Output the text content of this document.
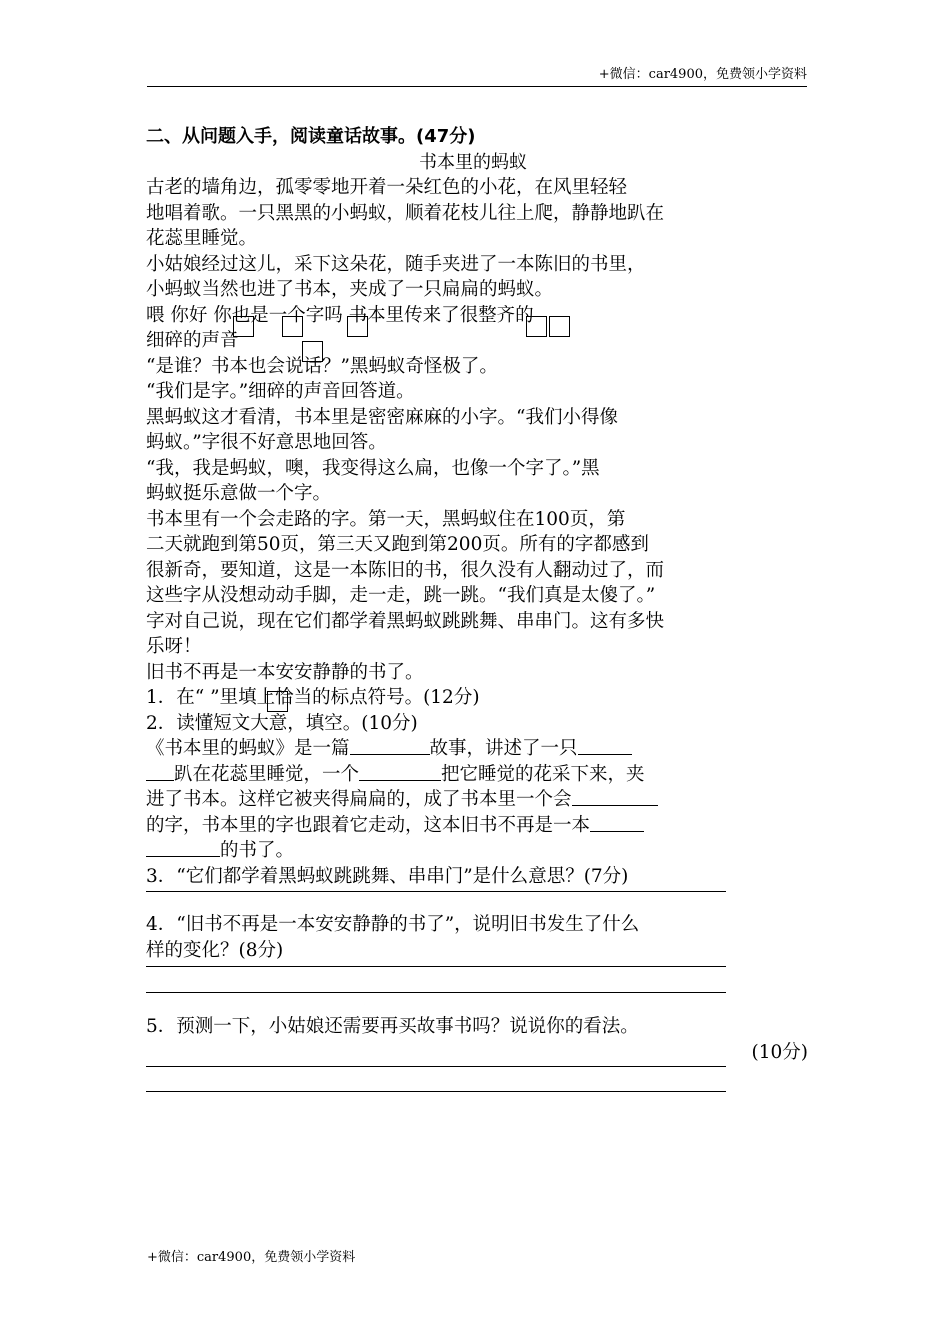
+微信：car4900，免费领小学资料
二、从问题入手，阅读童话故事。(47分)
书本里的蚂蚁
古老的墙角边，孤零零地开着一朵红色的小花，在风里轻轻
地唱着歌。一只黑黑的小蚂蚁，顺着花枝儿往上爬，静静地趴在
花蕊里睡觉。
小姑娘经过这儿，采下这朵花，随手夹进了一本陈旧的书里，
小蚂蚁当然也进了书本，夹成了一只扁扁的蚂蚁。
喂 你好 你也是一个字吗 书本里传来了很整齐的
细碎的声音
“是谁？书本也会说话？”黑蚂蚁奇怪极了。
“我们是字。”细碎的声音回答道。
黑蚂蚁这才看清，书本里是密密麻麻的小字。“我们小得像
蚂蚁。”字很不好意思地回答。
“我，我是蚂蚁，噢，我变得这么扁，也像一个字了。”黑
蚂蚁挺乐意做一个字。
书本里有一个会走路的字。第一天，黑蚂蚁住在100页，第
二天就跑到第50页，第三天又跑到第200页。所有的字都感到
很新奇，要知道，这是一本陈旧的书，很久没有人翻动过了，而
这些字从没想动动手脚，走一走，跳一跳。“我们真是太傻了。”
字对自己说，现在它们都学着黑蚂蚁跳跳舞、串串门。这有多快
乐呀！
旧书不再是一本安安静静的书了。
1．在“ ”里填上恰当的标点符号。(12分)
2．读懂短文大意，填空。(10分)
《书本里的蚂蚁》是一篇	故事，讲述了一只
趴在花蕊里睡觉，一个	把它睡觉的花采下来，夹
进了书本。这样它被夹得扁扁的，成了书本里一个会
的字，书本里的字也跟着它走动，这本旧书不再是一本
的书了。
3．“它们都学着黑蚂蚁跳跳舞、串串门”是什么意思？(7分)
4．“旧书不再是一本安安静静的书了”，说明旧书发生了什么
样的变化？(8分)
5．预测一下，小姑娘还需要再买故事书吗？说说你的看法。
(10分)
+微信：car4900，免费领小学资料
